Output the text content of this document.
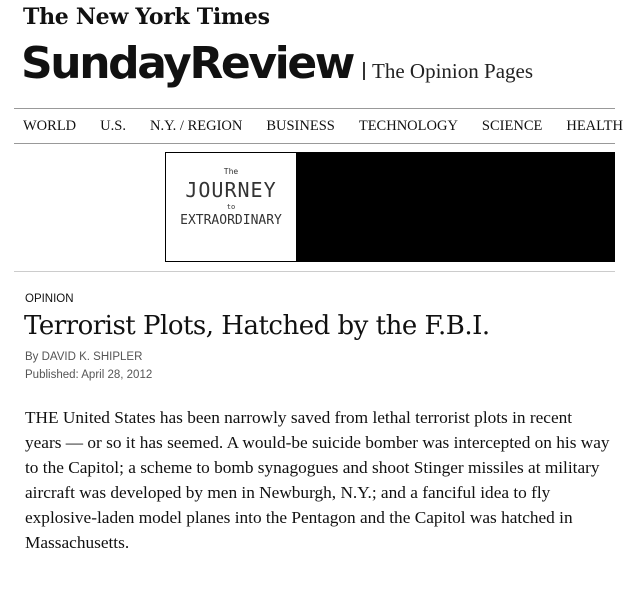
The New York Times
SundayReview The Opinion Pages
WORLD U.S. N.Y. / REGION BUSINESS TECHNOLOGY SCIENCE HEALTH
The
JOURNEY
to
EXTRAORDINARY
OPINION
Terrorist Plots, Hatched by the F.B.I.
By DAVID K. SHIPLER
Published: April 28, 2012

THE United States has been narrowly saved from lethal terrorist plots in recent years — or so it has seemed. A would-be suicide bomber was intercepted on his way to the Capitol; a scheme to bomb synagogues and shoot Stinger missiles at military aircraft was developed by men in Newburgh, N.Y.; and a fanciful idea to fly explosive-laden model planes into the Pentagon and the Capitol was hatched in Massachusetts.
